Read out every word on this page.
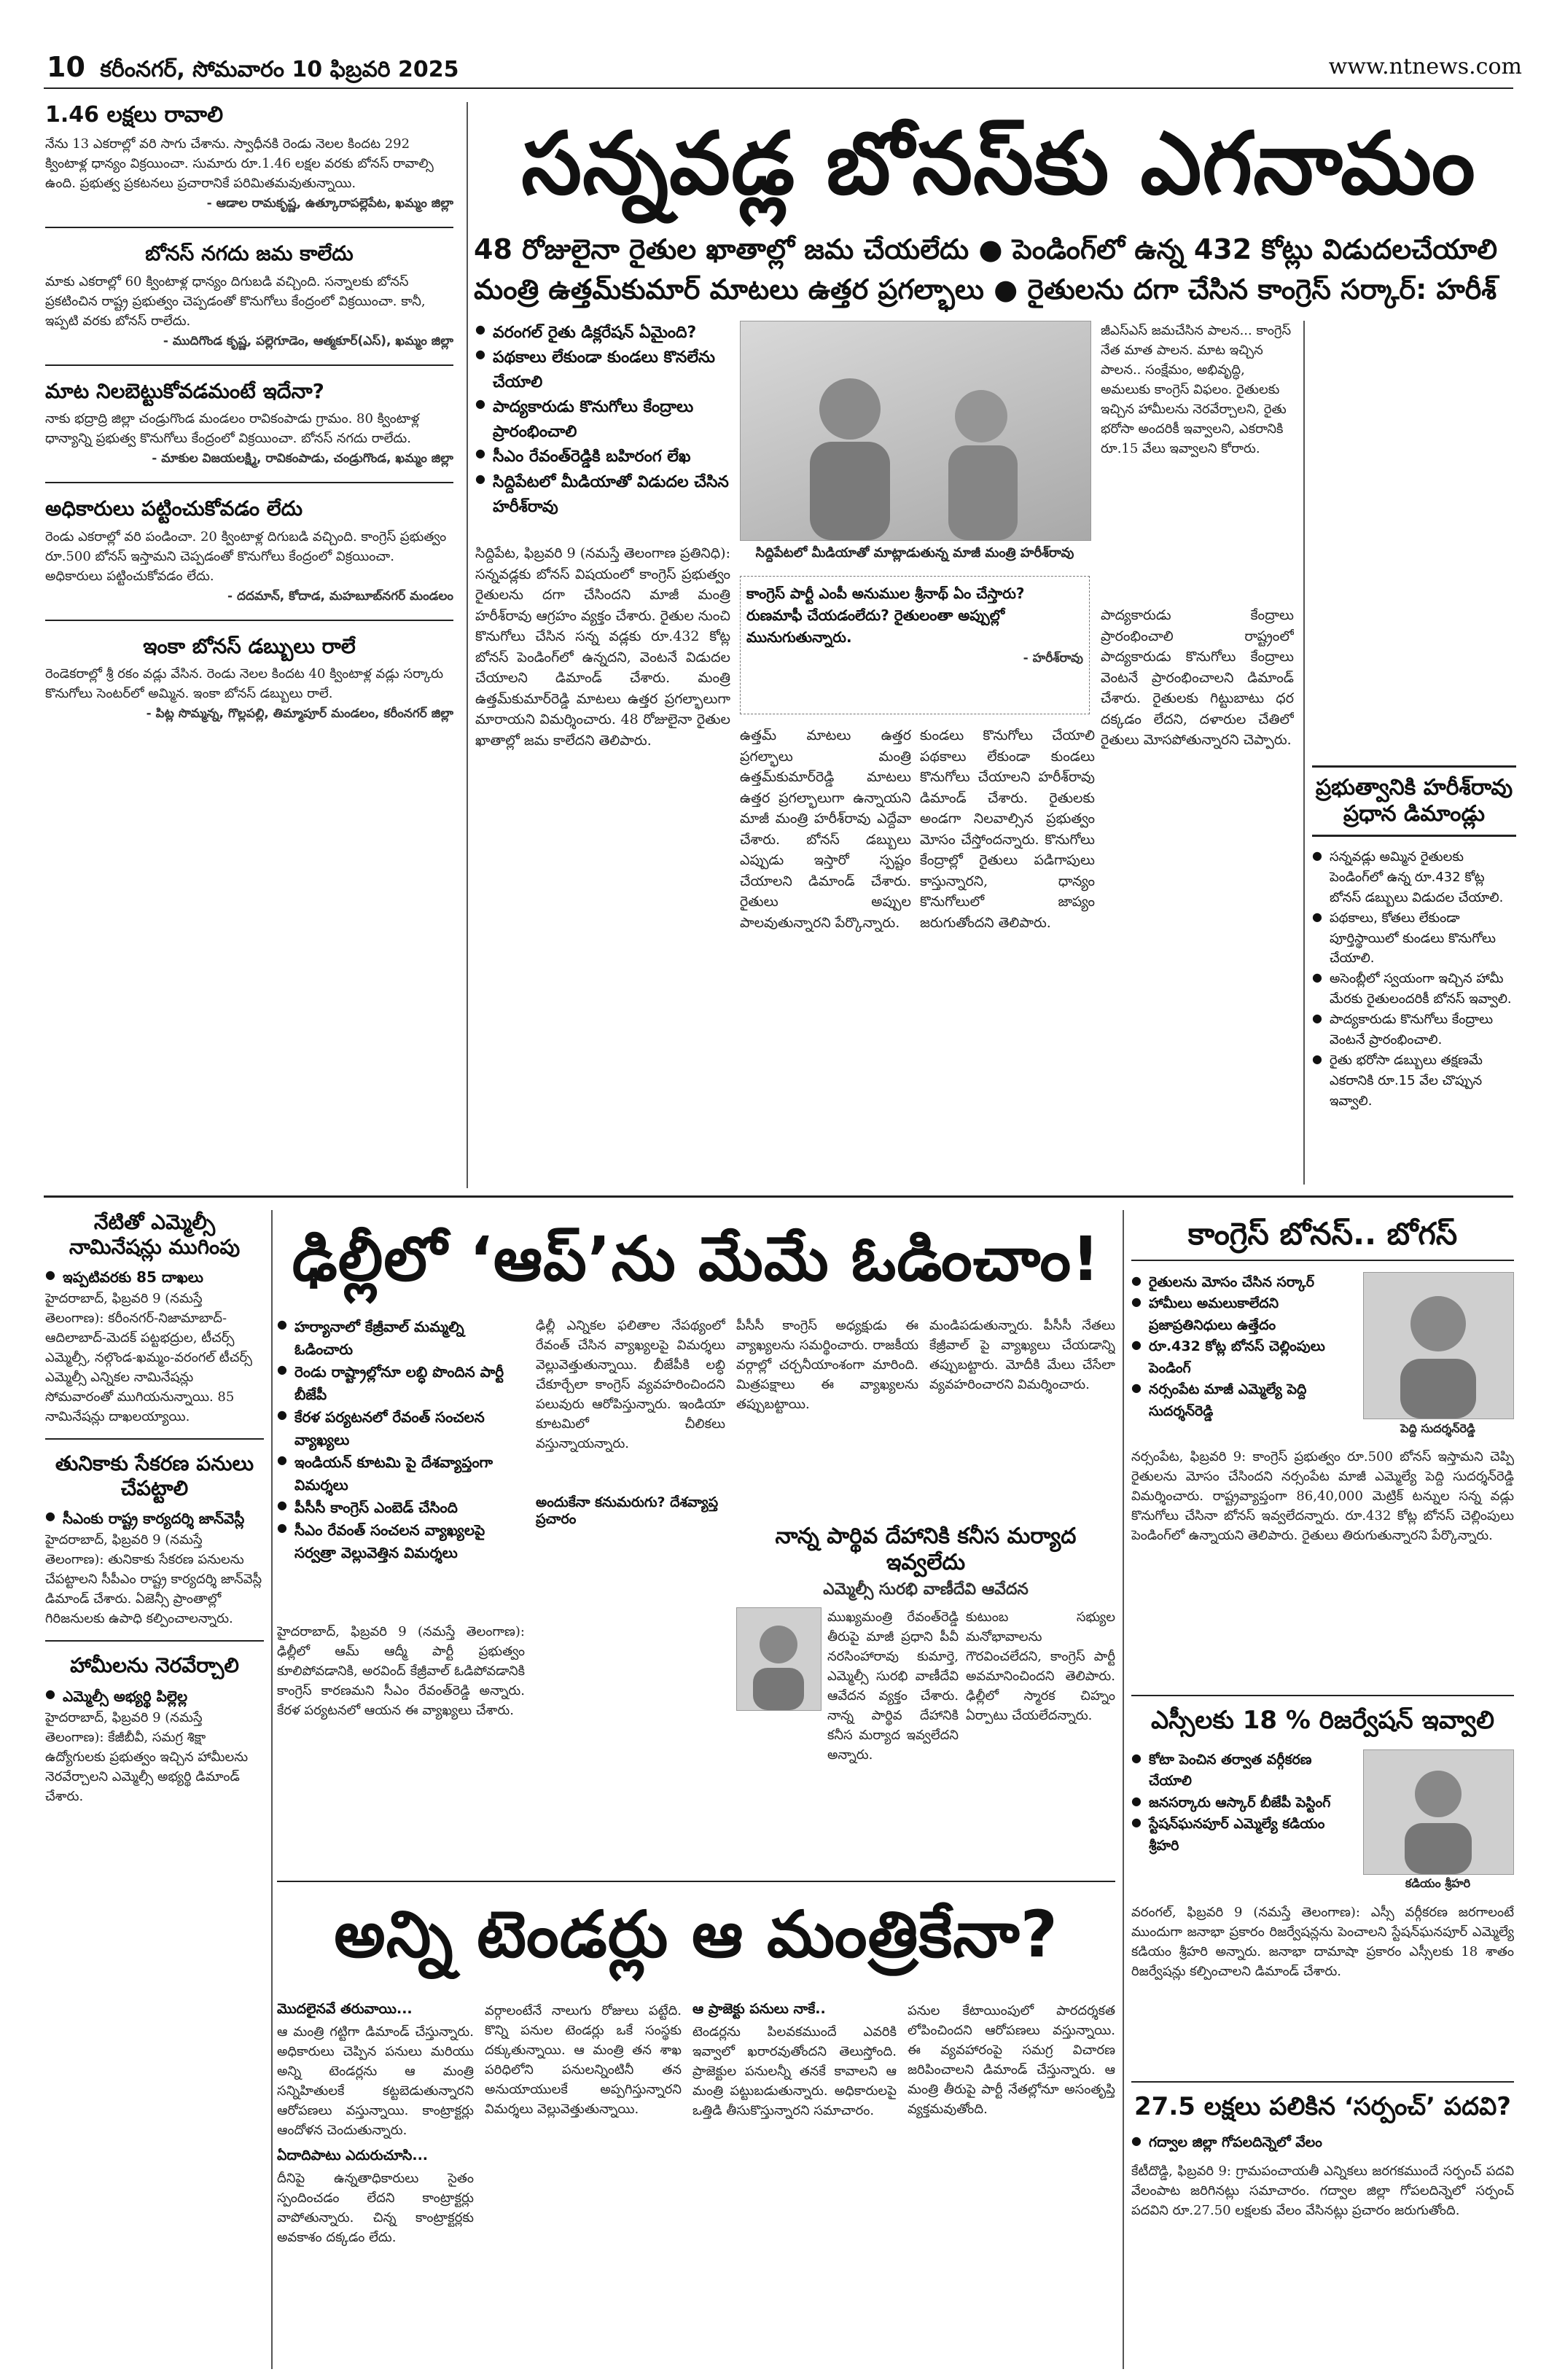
10 కరీంనగర్, సోమవారం 10 ఫిబ్రవరి 2025	www.ntnews.com
1.46 లక్షలు రావాలి
నేను 13 ఎకరాల్లో వరి సాగు చేశాను. స్వాధీనకి రెండు నెలల కిందట 292 క్వింటాళ్ల ధాన్యం విక్రయించా. సుమారు రూ.1.46 లక్షల వరకు బోనస్ రావాల్సి ఉంది. ప్రభుత్వ ప్రకటనలు ప్రచారానికే పరిమితమవుతున్నాయి.
- ఆడాల రామకృష్ణ, ఉత్కూరాపల్లెపేట, ఖమ్మం జిల్లా
బోనస్ నగదు జమ కాలేదు
మాకు ఎకరాల్లో 60 క్వింటాళ్ల ధాన్యం దిగుబడి వచ్చింది. సన్నాలకు బోనస్ ప్రకటించిన రాష్ట్ర ప్రభుత్వం చెప్పడంతో కొనుగోలు కేంద్రంలో విక్రయించా. కానీ, ఇప్పటి వరకు బోనస్ రాలేదు.
- ముదిగొండ కృష్ణ, పల్లెగూడెం, ఆత్మకూర్(ఎస్), ఖమ్మం జిల్లా
మాట నిలబెట్టుకోవడమంటే ఇదేనా?
నాకు భద్రాద్రి జిల్లా చండ్రుగొండ మండలం రావికంపాడు గ్రామం. 80 క్వింటాళ్ల ధాన్యాన్ని ప్రభుత్వ కొనుగోలు కేంద్రంలో విక్రయించా. బోనస్ నగదు రాలేదు.
- మాకుల విజయలక్ష్మి, రావికంపాడు, చండ్రుగొండ, ఖమ్మం జిల్లా
అధికారులు పట్టించుకోవడం లేదు
రెండు ఎకరాల్లో వరి పండించా. 20 క్వింటాళ్ల దిగుబడి వచ్చింది. కాంగ్రెస్ ప్రభుత్వం రూ.500 బోనస్ ఇస్తామని చెప్పడంతో కొనుగోలు కేంద్రంలో విక్రయించా. అధికారులు పట్టించుకోవడం లేదు.
- దదమాన్, కోదాడ, మహబూబ్‌నగర్ మండలం
ఇంకా బోనస్ డబ్బులు రాలే
రెండెకరాల్లో శ్రీ రకం వడ్లు వేసిన. రెండు నెలల కిందట 40 క్వింటాళ్ల వడ్లు సర్కారు కొనుగోలు సెంటర్‌లో అమ్మిన. ఇంకా బోనస్ డబ్బులు రాలే.
- పిట్ల సొమ్మన్న, గొల్లపల్లి, తిమ్మాపూర్ మండలం, కరీంనగర్ జిల్లా
సన్నవడ్ల బోనస్‌కు ఎగనామం
48 రోజులైనా రైతుల ఖాతాల్లో జమ చేయలేదు ● పెండింగ్‌లో ఉన్న 432 కోట్లు విడుదలచేయాలి
మంత్రి ఉత్తమ్‌కుమార్ మాటలు ఉత్తర ప్రగల్భాలు ● రైతులను దగా చేసిన కాంగ్రెస్ సర్కార్: హరీశ్
● వరంగల్ రైతు డిక్లరేషన్ ఏమైంది?
● పథకాలు లేకుండా కుండలు కొనలేను చేయాలి
● పాద్యకారుడు కొనుగోలు కేంద్రాలు ప్రారంభించాలి
● సీఎం రేవంత్‌రెడ్డికి బహిరంగ లేఖ
● సిద్దిపేటలో మీడియాతో విడుదల చేసిన హరీశ్‌రావు
సిద్దిపేటలో మీడియాతో మాట్లాడుతున్న మాజీ మంత్రి హరీశ్‌రావు
జీఎస్‌ఎస్ జమచేసిన పాలన... కాంగ్రెస్ నేత మాత పాలన. మాట ఇచ్చిన పాలన.. సంక్షేమం, అభివృద్ధి, అమలుకు కాంగ్రెస్ విఫలం. రైతులకు ఇచ్చిన హామీలను నెరవేర్చాలని, రైతు భరోసా అందరికీ ఇవ్వాలని, ఎకరానికి రూ.15 వేలు ఇవ్వాలని కోరారు.
కాంగ్రెస్ పార్టీ ఎంపీ అనుముల శ్రీనాథ్ ఏం చేస్తారు? రుణమాఫీ చేయడంలేదు? రైతులంతా అప్పుల్లో మునుగుతున్నారు.
- హరీశ్‌రావు
సిద్దిపేట, ఫిబ్రవరి 9 (నమస్తే తెలంగాణ ప్రతినిధి): సన్నవడ్లకు బోనస్ విషయంలో కాంగ్రెస్ ప్రభుత్వం రైతులను దగా చేసిందని మాజీ మంత్రి హరీశ్‌రావు ఆగ్రహం వ్యక్తం చేశారు. రైతుల నుంచి కొనుగోలు చేసిన సన్న వడ్లకు రూ.432 కోట్ల బోనస్ పెండింగ్‌లో ఉన్నదని, వెంటనే విడుదల చేయాలని డిమాండ్ చేశారు. మంత్రి ఉత్తమ్‌కుమార్‌రెడ్డి మాటలు ఉత్తర ప్రగల్భాలుగా మారాయని విమర్శించారు. 48 రోజులైనా రైతుల ఖాతాల్లో జమ కాలేదని తెలిపారు.	ఉత్తమ్ మాటలు ఉత్తర ప్రగల్భాలు మంత్రి ఉత్తమ్‌కుమార్‌రెడ్డి మాటలు ఉత్తర ప్రగల్భాలుగా ఉన్నాయని మాజీ మంత్రి హరీశ్‌రావు ఎద్దేవా చేశారు. బోనస్ డబ్బులు ఎప్పుడు ఇస్తారో స్పష్టం చేయాలని డిమాండ్ చేశారు. రైతులు అప్పుల పాలవుతున్నారని పేర్కొన్నారు.
కుండలు కొనుగోలు చేయాలి పథకాలు లేకుండా కుండలు కొనుగోలు చేయాలని హరీశ్‌రావు డిమాండ్ చేశారు. రైతులకు అండగా నిలవాల్సిన ప్రభుత్వం మోసం చేస్తోందన్నారు. కొనుగోలు కేంద్రాల్లో రైతులు పడిగాపులు కాస్తున్నారని, ధాన్యం కొనుగోలులో జాప్యం జరుగుతోందని తెలిపారు.
పాద్యకారుడు కేంద్రాలు ప్రారంభించాలి రాష్ట్రంలో పాద్యకారుడు కొనుగోలు కేంద్రాలు వెంటనే ప్రారంభించాలని డిమాండ్ చేశారు. రైతులకు గిట్టుబాటు ధర దక్కడం లేదని, దళారుల చేతిలో రైతులు మోసపోతున్నారని చెప్పారు.
ప్రభుత్వానికి హరీశ్‌రావు ప్రధాన డిమాండ్లు
● సన్నవడ్లు అమ్మిన రైతులకు పెండింగ్‌లో ఉన్న రూ.432 కోట్ల బోనస్ డబ్బులు విడుదల చేయాలి.
● పథకాలు, కోతలు లేకుండా పూర్తిస్థాయిలో కుండలు కొనుగోలు చేయాలి.
● అసెంబ్లీలో స్వయంగా ఇచ్చిన హామీ మేరకు రైతులందరికీ బోనస్ ఇవ్వాలి.
● పాద్యకారుడు కొనుగోలు కేంద్రాలు వెంటనే ప్రారంభించాలి.
● రైతు భరోసా డబ్బులు తక్షణమే ఎకరానికి రూ.15 వేల చొప్పున ఇవ్వాలి.
నేటితో ఎమ్మెల్సీ నామినేషన్లు ముగింపు
● ఇప్పటివరకు 85 దాఖలు
హైదరాబాద్, ఫిబ్రవరి 9 (నమస్తే తెలంగాణ): కరీంనగర్-నిజామాబాద్-ఆదిలాబాద్-మెదక్ పట్టభద్రుల, టీచర్స్ ఎమ్మెల్సీ, నల్గొండ-ఖమ్మం-వరంగల్ టీచర్స్ ఎమ్మెల్సీ ఎన్నికల నామినేషన్లు సోమవారంతో ముగియనున్నాయి. 85 నామినేషన్లు దాఖలయ్యాయి.
తునికాకు సేకరణ పనులు చేపట్టాలి
● సీఎంకు రాష్ట్ర కార్యదర్శి జాన్‌వెస్లీ
హైదరాబాద్, ఫిబ్రవరి 9 (నమస్తే తెలంగాణ): తునికాకు సేకరణ పనులను చేపట్టాలని సీపీఎం రాష్ట్ర కార్యదర్శి జాన్‌వెస్లీ డిమాండ్ చేశారు. ఏజెన్సీ ప్రాంతాల్లో గిరిజనులకు ఉపాధి కల్పించాలన్నారు.
హామీలను నెరవేర్చాలి
● ఎమ్మెల్సీ అభ్యర్థి పిల్లెల్ల
హైదరాబాద్, ఫిబ్రవరి 9 (నమస్తే తెలంగాణ): కేజీబీవీ, సమగ్ర శిక్షా ఉద్యోగులకు ప్రభుత్వం ఇచ్చిన హామీలను నెరవేర్చాలని ఎమ్మెల్సీ అభ్యర్థి డిమాండ్ చేశారు.
ఢిల్లీలో ‘ఆప్’ను మేమే ఓడించాం!
● హర్యానాలో కేజ్రీవాల్ మమ్మల్ని ఓడించారు
● రెండు రాష్ట్రాల్లోనూ లబ్ధి పొందిన పార్టీ బీజేపీ
● కేరళ పర్యటనలో రేవంత్ సంచలన వ్యాఖ్యలు
● ఇండియన్ కూటమి పై దేశవ్యాప్తంగా విమర్శలు
● పీసీసీ కాంగ్రెస్ ఎంబెడ్ చేసింది
● సీఎం రేవంత్ సంచలన వ్యాఖ్యలపై సర్వత్రా వెల్లువెత్తిన విమర్శలు
హైదరాబాద్, ఫిబ్రవరి 9 (నమస్తే తెలంగాణ): ఢిల్లీలో ఆమ్ ఆద్మీ పార్టీ ప్రభుత్వం కూలిపోవడానికి, అరవింద్ కేజ్రీవాల్ ఓడిపోవడానికి కాంగ్రెస్ కారణమని సీఎం రేవంత్‌రెడ్డి అన్నారు. కేరళ పర్యటనలో ఆయన ఈ వ్యాఖ్యలు చేశారు.
ఢిల్లీ ఎన్నికల ఫలితాల నేపథ్యంలో రేవంత్ చేసిన వ్యాఖ్యలపై విమర్శలు వెల్లువెత్తుతున్నాయి. బీజేపీకి లబ్ధి చేకూర్చేలా కాంగ్రెస్ వ్యవహరించిందని పలువురు ఆరోపిస్తున్నారు. ఇండియా కూటమిలో చీలికలు వస్తున్నాయన్నారు.
అందుకేనా కనుమరుగు? దేశవ్యాప్త ప్రచారం
పీసీసీ కాంగ్రెస్ అధ్యక్షుడు ఈ వ్యాఖ్యలను సమర్థించారు. రాజకీయ వర్గాల్లో చర్చనీయాంశంగా మారింది. మిత్రపక్షాలు ఈ వ్యాఖ్యలను తప్పుబట్టాయి.
మండిపడుతున్నారు. పీసీసీ నేతలు కేజ్రీవాల్ పై వ్యాఖ్యలు చేయడాన్ని తప్పుబట్టారు. మోదీకి మేలు చేసేలా వ్యవహరించారని విమర్శించారు.
నాన్న పార్థివ దేహానికి కనీస మర్యాద ఇవ్వలేదు
ఎమ్మెల్సీ సురభి వాణీదేవి ఆవేదన
ముఖ్యమంత్రి రేవంత్‌రెడ్డి తీరుపై మాజీ ప్రధాని పీవీ నరసింహారావు కుమార్తె, ఎమ్మెల్సీ సురభి వాణీదేవి ఆవేదన వ్యక్తం చేశారు. నాన్న పార్థివ దేహానికి కనీస మర్యాద ఇవ్వలేదని అన్నారు.
కుటుంబ సభ్యుల మనోభావాలను గౌరవించలేదని, కాంగ్రెస్ పార్టీ అవమానించిందని తెలిపారు. ఢిల్లీలో స్మారక చిహ్నం ఏర్పాటు చేయలేదన్నారు.
కాంగ్రెస్ బోనస్.. బోగస్
● రైతులను మోసం చేసిన సర్కార్
● హామీలు అమలుకాలేదని ప్రజాప్రతినిధులు ఉత్తేదం
● రూ.432 కోట్ల బోనస్ చెల్లింపులు పెండింగ్
● నర్సంపేట మాజీ ఎమ్మెల్యే పెద్ది సుదర్శన్‌రెడ్డి
పెద్ది సుదర్శన్‌రెడ్డి
నర్సంపేట, ఫిబ్రవరి 9: కాంగ్రెస్ ప్రభుత్వం రూ.500 బోనస్ ఇస్తామని చెప్పి రైతులను మోసం చేసిందని నర్సంపేట మాజీ ఎమ్మెల్యే పెద్ది సుదర్శన్‌రెడ్డి విమర్శించారు. రాష్ట్రవ్యాప్తంగా 86,40,000 మెట్రిక్ టన్నుల సన్న వడ్లు కొనుగోలు చేసినా బోనస్ ఇవ్వలేదన్నారు. రూ.432 కోట్ల బోనస్ చెల్లింపులు పెండింగ్‌లో ఉన్నాయని తెలిపారు. రైతులు తిరుగుతున్నారని పేర్కొన్నారు.
ఎస్సీలకు 18 % రిజర్వేషన్ ఇవ్వాలి
● కోటా పెంచిన తర్వాత వర్గీకరణ చేయాలి
● జనసర్కారు ఆస్కార్ బీజేపీ పెస్టింగ్
● స్టేషన్‌ఘనపూర్ ఎమ్మెల్యే కడియం శ్రీహరి
కడియం శ్రీహరి
వరంగల్, ఫిబ్రవరి 9 (నమస్తే తెలంగాణ): ఎస్సీ వర్గీకరణ జరగాలంటే ముందుగా జనాభా ప్రకారం రిజర్వేషన్లను పెంచాలని స్టేషన్‌ఘనపూర్ ఎమ్మెల్యే కడియం శ్రీహరి అన్నారు. జనాభా దామాషా ప్రకారం ఎస్సీలకు 18 శాతం రిజర్వేషన్లు కల్పించాలని డిమాండ్ చేశారు.
27.5 లక్షలు పలికిన ‘సర్పంచ్’ పదవి?
● గద్వాల జిల్లా గోపలదిన్నెలో వేలం
కేటీదొడ్డి, ఫిబ్రవరి 9: గ్రామపంచాయతీ ఎన్నికలు జరగకముందే సర్పంచ్ పదవి వేలంపాట జరిగినట్లు సమాచారం. గద్వాల జిల్లా గోపలదిన్నెలో సర్పంచ్ పదవిని రూ.27.50 లక్షలకు వేలం వేసినట్లు ప్రచారం జరుగుతోంది.
అన్ని టెండర్లు ఆ మంత్రికేనా?
మొదలైనవే తరువాయి...
ఆ మంత్రి గట్టిగా డిమాండ్ చేస్తున్నారు. అధికారులు చెప్పిన పనులు మరియు అన్ని టెండర్లను ఆ మంత్రి సన్నిహితులకే కట్టబెడుతున్నారని ఆరోపణలు వస్తున్నాయి. కాంట్రాక్టర్లు ఆందోళన చెందుతున్నారు.
ఏదాదిపాటు ఎదురుచూసి...
దీనిపై ఉన్నతాధికారులు సైతం స్పందించడం లేదని కాంట్రాక్టర్లు వాపోతున్నారు. చిన్న కాంట్రాక్టర్లకు అవకాశం దక్కడం లేదు.
వర్గాలంటేనే నాలుగు రోజులు పట్టేది. కొన్ని పనుల టెండర్లు ఒకే సంస్థకు దక్కుతున్నాయి. ఆ మంత్రి తన శాఖ పరిధిలోని పనులన్నింటినీ తన అనుయాయులకే అప్పగిస్తున్నారని విమర్శలు వెల్లువెత్తుతున్నాయి.
ఆ ప్రాజెక్టు పనులు నాకే..
టెండర్లను పిలవకముందే ఎవరికి ఇవ్వాలో ఖరారవుతోందని తెలుస్తోంది. ప్రాజెక్టుల పనులన్నీ తనకే కావాలని ఆ మంత్రి పట్టుబడుతున్నారు. అధికారులపై ఒత్తిడి తీసుకొస్తున్నారని సమాచారం.
పనుల కేటాయింపులో పారదర్శకత లోపించిందని ఆరోపణలు వస్తున్నాయి. ఈ వ్యవహారంపై సమగ్ర విచారణ జరిపించాలని డిమాండ్ చేస్తున్నారు. ఆ మంత్రి తీరుపై పార్టీ నేతల్లోనూ అసంతృప్తి వ్యక్తమవుతోంది.
